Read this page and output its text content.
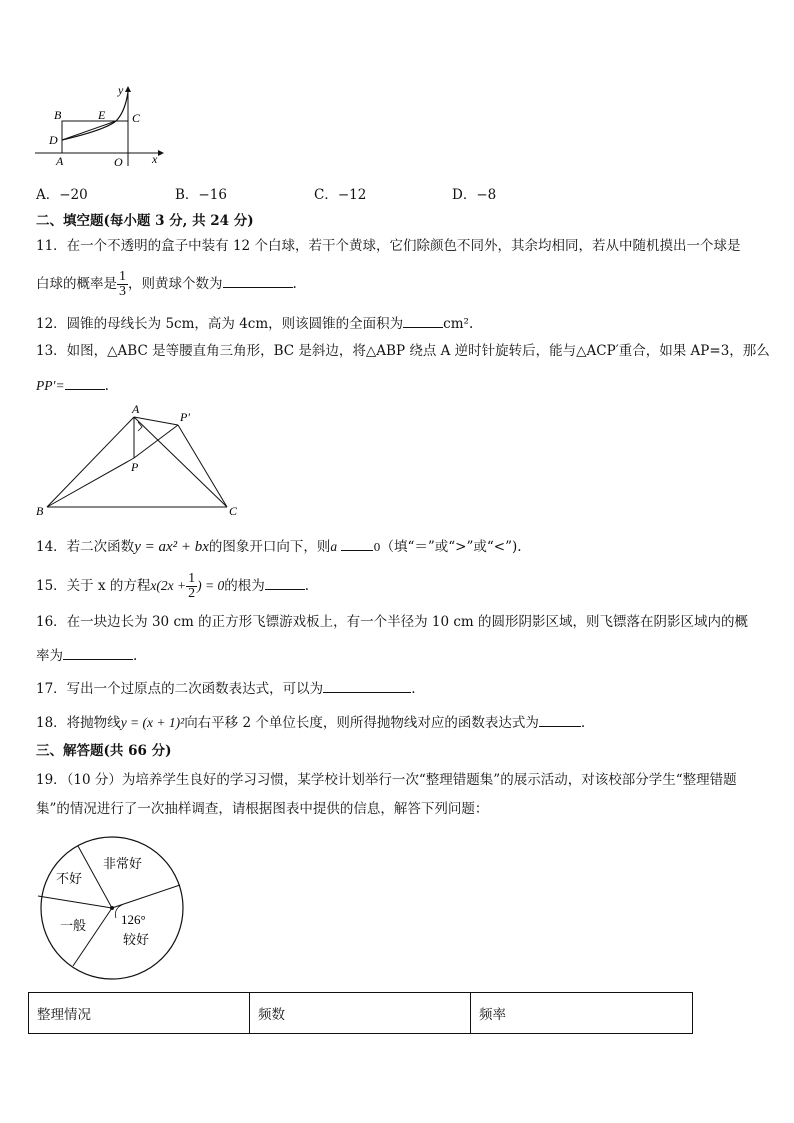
y
x
B	E C
D
A	O
A．−20	B．−16	C．−12	D．−8
二、填空题(每小题 3 分, 共 24 分)
11．在一个不透明的盒子中装有 12 个白球，若干个黄球，它们除颜色不同外，其余均相同，若从中随机摸出一个球是
白球的概率是 $\frac{1}{3}$ ，则黄球个数为	.
12．圆锥的母线长为 5cm，高为 4cm，则该圆锥的全面积为	cm².
13．如图，△ABC 是等腰直角三角形，BC 是斜边，将△ABP 绕点 A 逆时针旋转后，能与△ACP′重合，如果 AP=3，那么
PP′=	.
A
P′
P
B	C
14．若二次函数y = ax² + bx的图象开口向下，则a	0（填“＝”或“>”或“<”).
15．关于 x 的方程$x(2x + \frac{1}{2}$ ) = 0的根为	.
16．在一块边长为 30 cm 的正方形飞镖游戏板上，有一个半径为 10 cm 的圆形阴影区域，则飞镖落在阴影区域内的概
率为	.
17．写出一个过原点的二次函数表达式，可以为	.
18．将抛物线y = (x + 1)²向右平移 2 个单位长度，则所得抛物线对应的函数表达式为	.
三、解答题(共 66 分)
19．（10 分）为培养学生良好的学习习惯，某学校计划举行一次“整理错题集”的展示活动，对该校部分学生“整理错题
集”的情况进行了一次抽样调查，请根据图表中提供的信息，解答下列问题：
非常好
不好
一般	126°
较好
整理情况	频数	频率
